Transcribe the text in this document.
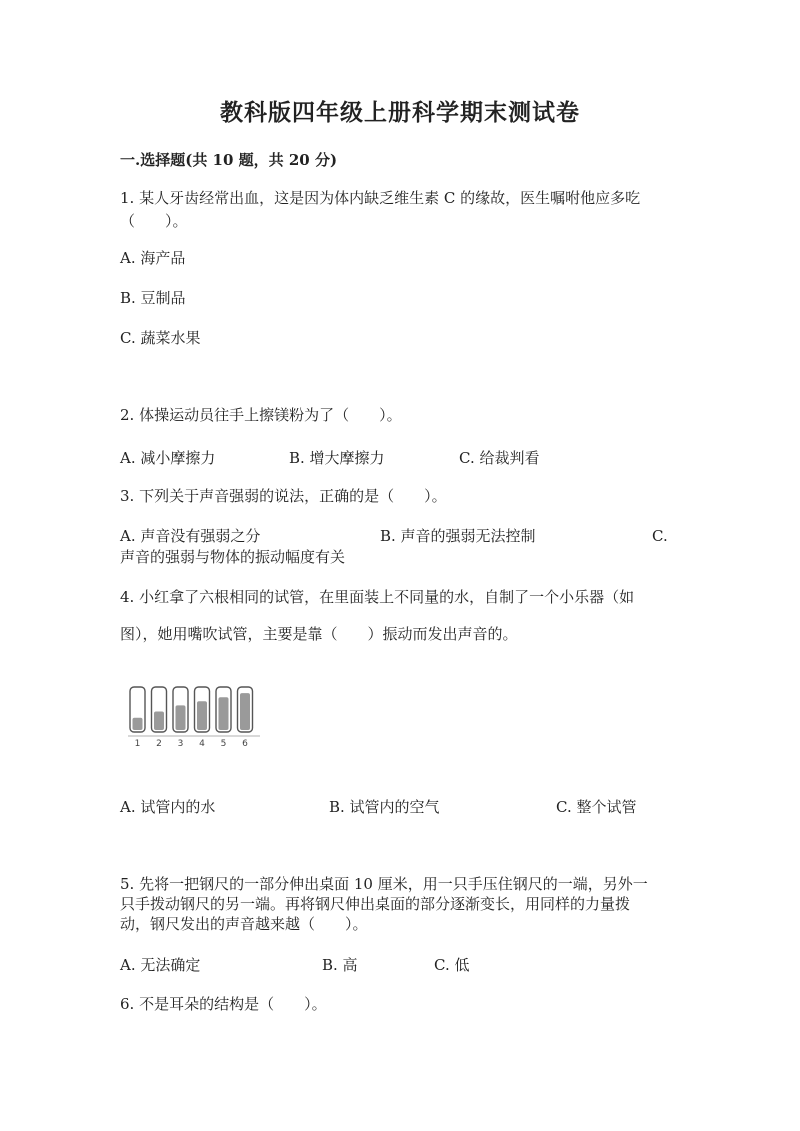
教科版四年级上册科学期末测试卷
一.选择题(共 10 题，共 20 分)
1. 某人牙齿经常出血，这是因为体内缺乏维生素 C 的缘故，医生嘱咐他应多吃
（　　）。
A. 海产品
B. 豆制品
C. 蔬菜水果
2. 体操运动员往手上擦镁粉为了（　　）。
A. 减小摩擦力	B. 增大摩擦力	C. 给裁判看
3. 下列关于声音强弱的说法，正确的是（　　）。
A. 声音没有强弱之分	B. 声音的强弱无法控制	C.
声音的强弱与物体的振动幅度有关
4. 小红拿了六根相同的试管，在里面装上不同量的水，自制了一个小乐器（如
图），她用嘴吹试管，主要是靠（　　）振动而发出声音的。
1 2 3 4 5 6
A. 试管内的水	B. 试管内的空气	C. 整个试管
5. 先将一把钢尺的一部分伸出桌面 10 厘米，用一只手压住钢尺的一端，另外一
只手拨动钢尺的另一端。再将钢尺伸出桌面的部分逐渐变长，用同样的力量拨
动，钢尺发出的声音越来越（　　）。
A. 无法确定	B. 高	C. 低
6. 不是耳朵的结构是（　　）。
